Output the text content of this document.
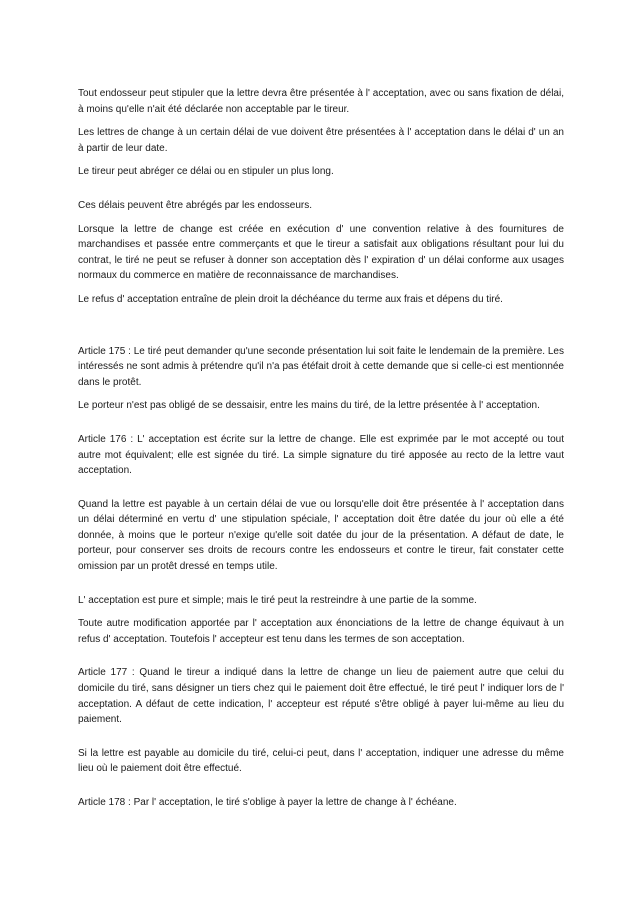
Tout endosseur peut stipuler que la lettre devra être présentée à l' acceptation, avec ou sans fixation de délai, à moins qu'elle n'ait été déclarée non acceptable par le tireur.

Les lettres de change à un certain délai de vue doivent être présentées à l' acceptation dans le délai d' un an à partir de leur date.

Le tireur peut abréger ce délai ou en stipuler un plus long.

Ces délais peuvent être abrégés par les endosseurs.

Lorsque la lettre de change est créée en exécution d' une convention relative à des fournitures de marchandises et passée entre commerçants et que le tireur a satisfait aux obligations résultant pour lui du contrat, le tiré ne peut se refuser à donner son acceptation dès l' expiration d' un délai conforme aux usages normaux du commerce en matière de reconnaissance de marchandises.

Le refus d' acceptation entraîne de plein droit la déchéance du terme aux frais et dépens du tiré.

Article 175 : Le tiré peut demander qu'une seconde présentation lui soit faite le lendemain de la première. Les intéressés ne sont admis à prétendre qu'il n'a pas étéfait droit à cette demande que si celle-ci est mentionnée dans le protêt.

Le porteur n'est pas obligé de se dessaisir, entre les mains du tiré, de la lettre présentée à l' acceptation.

Article 176 : L' acceptation est écrite sur la lettre de change. Elle est exprimée par le mot accepté ou tout autre mot équivalent; elle est signée du tiré. La simple signature du tiré apposée au recto de la lettre vaut acceptation.

Quand la lettre est payable à un certain délai de vue ou lorsqu'elle doit être présentée à l' acceptation dans un délai déterminé en vertu d' une stipulation spéciale, l' acceptation doit être datée du jour où elle a été donnée, à moins que le porteur n'exige qu'elle soit datée du jour de la présentation. A défaut de date, le porteur, pour conserver ses droits de recours contre les endosseurs et contre le tireur, fait constater cette omission par un protêt dressé en temps utile.

L' acceptation est pure et simple; mais le tiré peut la restreindre à une partie de la somme.

Toute autre modification apportée par l' acceptation aux énonciations de la lettre de change équivaut à un refus d' acceptation. Toutefois l' accepteur est tenu dans les termes de son acceptation.

Article 177 : Quand le tireur a indiqué dans la lettre de change un lieu de paiement autre que celui du domicile du tiré, sans désigner un tiers chez qui le paiement doit être effectué, le tiré peut l' indiquer lors de l' acceptation. A défaut de cette indication, l' accepteur est réputé s'être obligé à payer lui-même au lieu du paiement.

Si la lettre est payable au domicile du tiré, celui-ci peut, dans l' acceptation, indiquer une adresse du même lieu où le paiement doit être effectué.

Article 178 : Par l' acceptation, le tiré s'oblige à payer la lettre de change à l' échéane.
